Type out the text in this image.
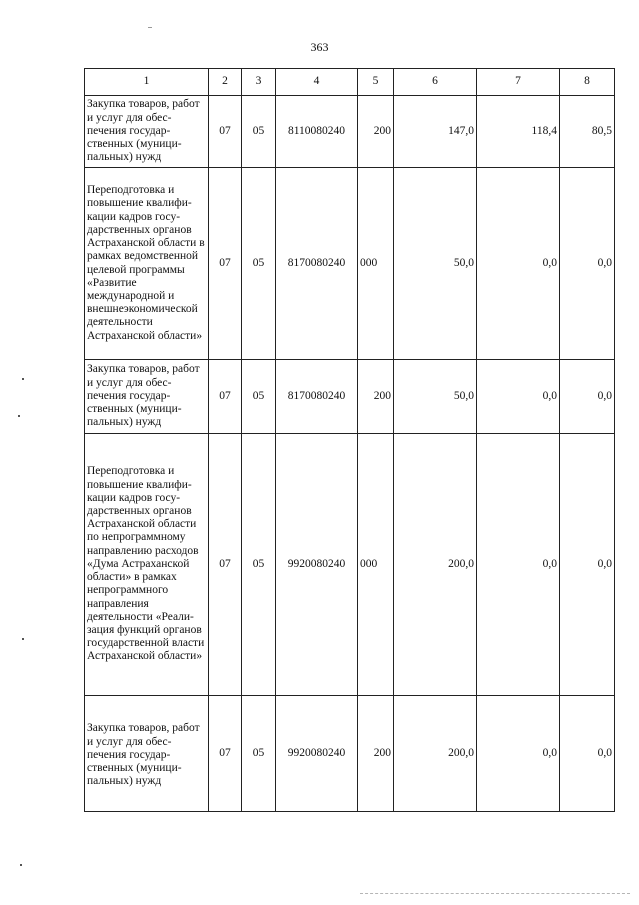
363
1	2	3	4	5	6	7	8
Закупка товаров, работ и услуг для обеспечения государственных (муниципальных) нужд	07	05	8110080240	200	147,0	118,4	80,5
Переподготовка и повышение квалификации кадров государственных органов Астраханской области в рамках ведомственной целевой программы «Развитие международной и внешнеэкономической деятельности Астраханской области»	07	05	8170080240	000	50,0	0,0	0,0
Закупка товаров, работ и услуг для обеспечения государственных (муниципальных) нужд	07	05	8170080240	200	50,0	0,0	0,0
Переподготовка и повышение квалификации кадров государственных органов Астраханской области по непрограммному направлению расходов «Дума Астраханской области» в рамках непрограммного направления деятельности «Реализация функций органов государственной власти Астраханской области»	07	05	9920080240	000	200,0	0,0	0,0
Закупка товаров, работ и услуг для обеспечения государственных (муниципальных) нужд	07	05	9920080240	200	200,0	0,0	0,0
